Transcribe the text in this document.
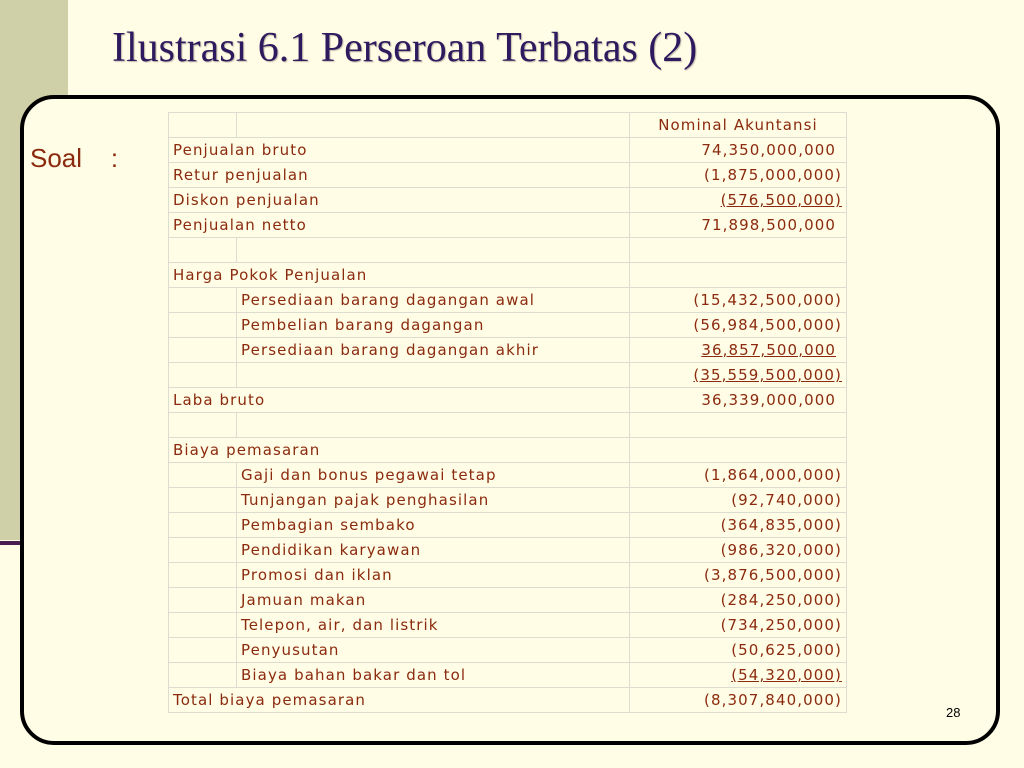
Ilustrasi 6.1 Perseroan Terbatas (2)
Soal    :
		Nominal Akuntansi
Penjualan bruto		74,350,000,000
Retur penjualan		(1,875,000,000)
Diskon penjualan		(576,500,000)
Penjualan netto		71,898,500,000

Harga Pokok Penjualan		
	Persediaan barang dagangan awal	(15,432,500,000)
	Pembelian barang dagangan	(56,984,500,000)
	Persediaan barang dagangan akhir	36,857,500,000
		(35,559,500,000)
Laba bruto		36,339,000,000

Biaya pemasaran		
	Gaji dan bonus pegawai tetap	(1,864,000,000)
	Tunjangan pajak penghasilan	(92,740,000)
	Pembagian sembako	(364,835,000)
	Pendidikan karyawan	(986,320,000)
	Promosi dan iklan	(3,876,500,000)
	Jamuan makan	(284,250,000)
	Telepon, air, dan listrik	(734,250,000)
	Penyusutan	(50,625,000)
	Biaya bahan bakar dan tol	(54,320,000)
Total biaya pemasaran		(8,307,840,000)
28
